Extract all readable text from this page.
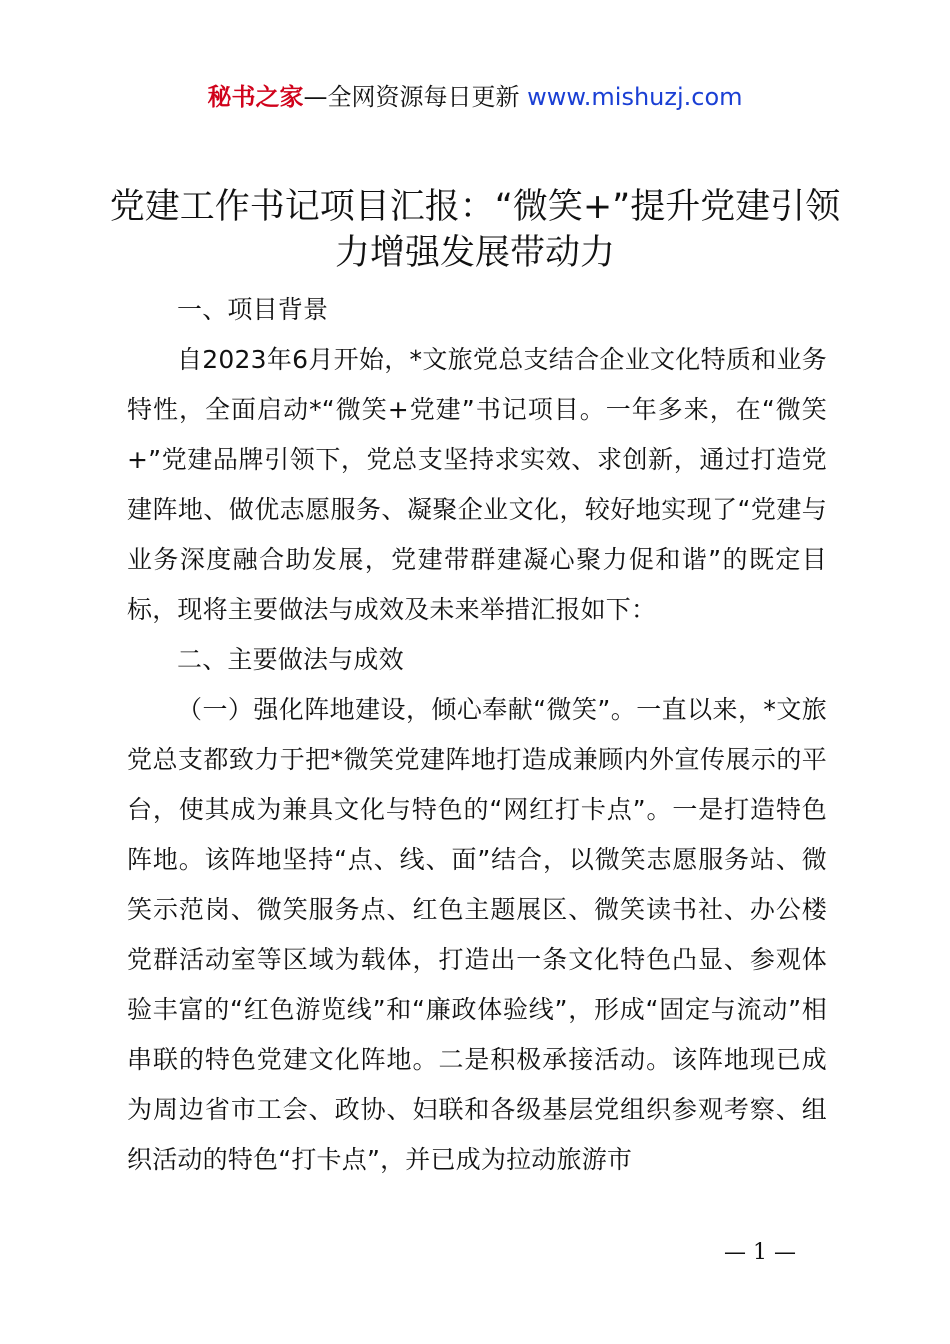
秘书之家—全网资源每日更新 www.mishuzj.com
党建工作书记项目汇报：“微笑+”提升党建引领力增强发展带动力

一、项目背景

自2023年6月开始，*文旅党总支结合企业文化特质和业务特性，全面启动*“微笑+党建”书记项目。一年多来，在“微笑+”党建品牌引领下，党总支坚持求实效、求创新，通过打造党建阵地、做优志愿服务、凝聚企业文化，较好地实现了“党建与业务深度融合助发展，党建带群建凝心聚力促和谐”的既定目标，现将主要做法与成效及未来举措汇报如下：

二、主要做法与成效

（一）强化阵地建设，倾心奉献“微笑”。一直以来，*文旅党总支都致力于把*微笑党建阵地打造成兼顾内外宣传展示的平台，使其成为兼具文化与特色的“网红打卡点”。一是打造特色阵地。该阵地坚持“点、线、面”结合，以微笑志愿服务站、微笑示范岗、微笑服务点、红色主题展区、微笑读书社、办公楼党群活动室等区域为载体，打造出一条文化特色凸显、参观体验丰富的“红色游览线”和“廉政体验线”，形成“固定与流动”相串联的特色党建文化阵地。二是积极承接活动。该阵地现已成为周边省市工会、政协、妇联和各级基层党组织参观考察、组织活动的特色“打卡点”，并已成为拉动旅游市

— 1 —
